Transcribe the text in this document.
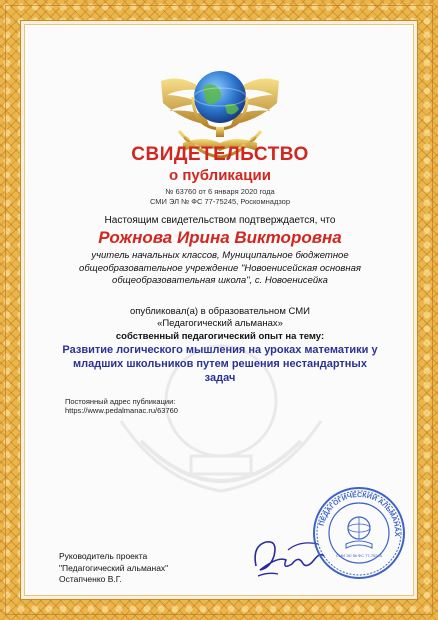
СВИДЕТЕЛЬСТВО
о публикации
№ 63760 от 6 января 2020 года
СМИ ЭЛ № ФС 77-75245, Роскомнадзор
Настоящим свидетельством подтверждается, что
Рожнова Ирина Викторовна
учитель начальных классов, Муниципальное бюджетное общеобразовательное учреждение "Новоенисейская основная общеобразовательная школа", с. Новоенисейка
опубликовал(а) в образовательном СМИ
«Педагогический альманах»
собственный педагогический опыт на тему:
Развитие логического мышления на уроках математики у младших школьников путем решения нестандартных задач
Постоянный адрес публикации:
https://www.pedalmanac.ru/63760
ПЕДАГОГИЧЕСКИЙ АЛЬМАНАХ
СМИ ЭЛ № ФС 77-75245
Руководитель проекта
"Педагогический альманах"
Остапченко В.Г.
